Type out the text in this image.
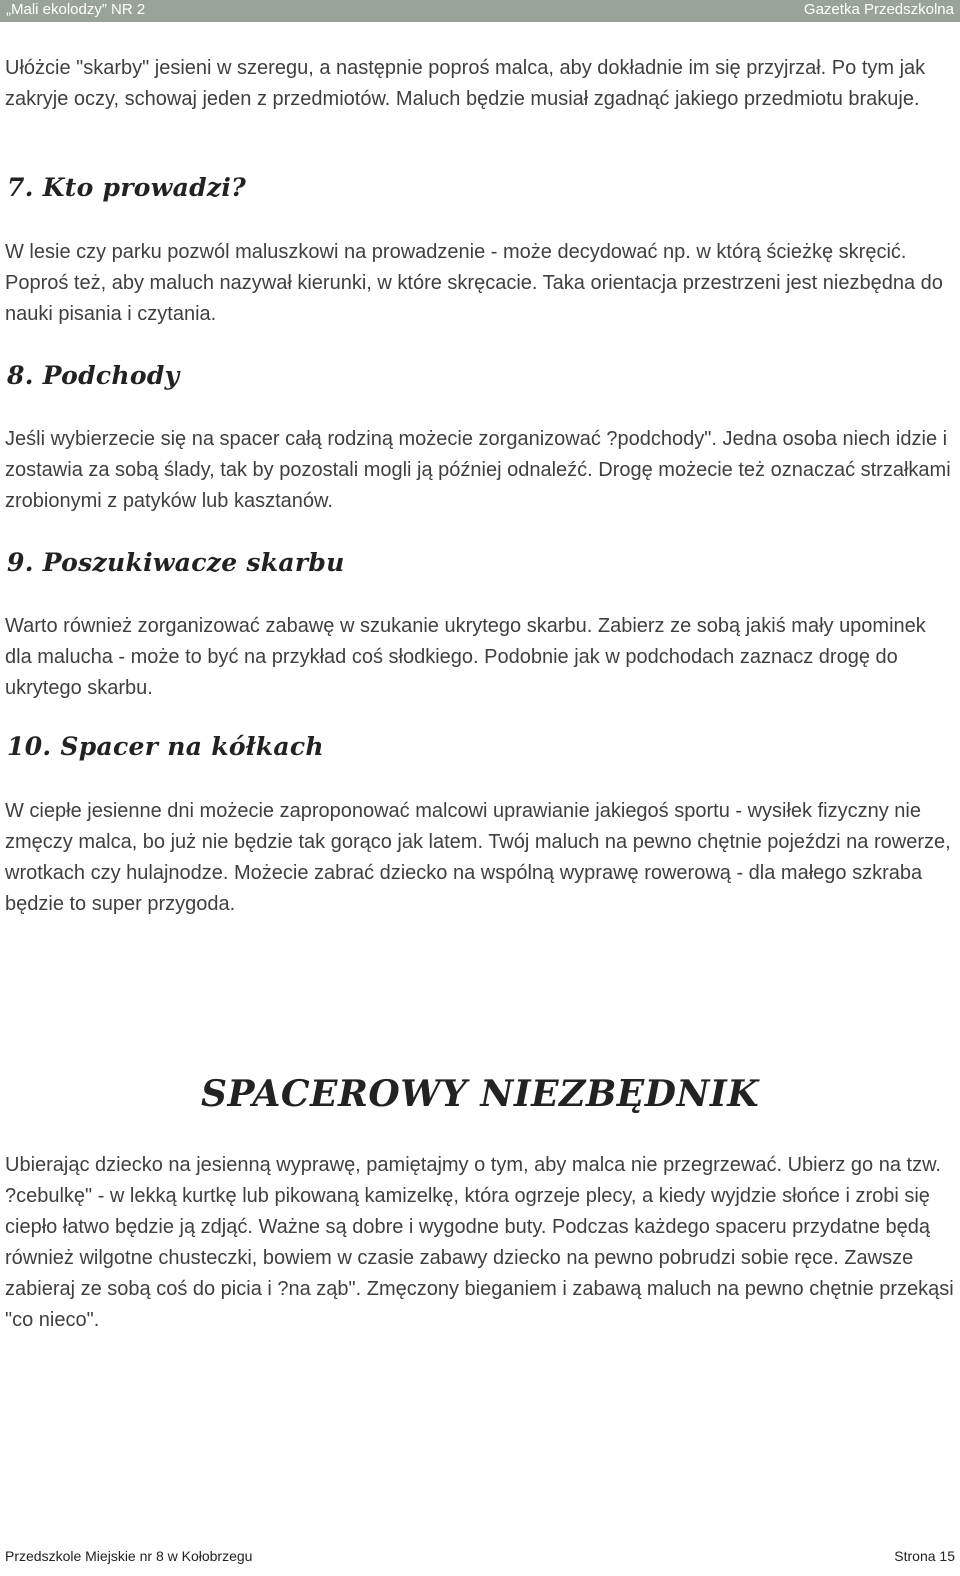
„Mali ekolodzy” NR 2	Gazetka Przedszkolna

Ułóżcie "skarby" jesieni w szeregu, a następnie poproś malca, aby dokładnie im się przyjrzał. Po tym jak zakryje oczy, schowaj jeden z przedmiotów. Maluch będzie musiał zgadnąć jakiego przedmiotu brakuje.

7. Kto prowadzi?

W lesie czy parku pozwól maluszkowi na prowadzenie - może decydować np. w którą ścieżkę skręcić. Poproś też, aby maluch nazywał kierunki, w które skręcacie. Taka orientacja przestrzeni jest niezbędna do nauki pisania i czytania.

8. Podchody

Jeśli wybierzecie się na spacer całą rodziną możecie zorganizować ?podchody". Jedna osoba niech idzie i zostawia za sobą ślady, tak by pozostali mogli ją później odnaleźć. Drogę możecie też oznaczać strzałkami zrobionymi z patyków lub kasztanów.

9. Poszukiwacze skarbu

Warto również zorganizować zabawę w szukanie ukrytego skarbu. Zabierz ze sobą jakiś mały upominek dla malucha - może to być na przykład coś słodkiego. Podobnie jak w podchodach zaznacz drogę do ukrytego skarbu.

10. Spacer na kółkach

W ciepłe jesienne dni możecie zaproponować malcowi uprawianie jakiegoś sportu - wysiłek fizyczny nie zmęczy malca, bo już nie będzie tak gorąco jak latem. Twój maluch na pewno chętnie pojeździ na rowerze, wrotkach czy hulajnodze. Możecie zabrać dziecko na wspólną wyprawę rowerową - dla małego szkraba będzie to super przygoda.

SPACEROWY NIEZBĘDNIK

Ubierając dziecko na jesienną wyprawę, pamiętajmy o tym, aby malca nie przegrzewać. Ubierz go na tzw. ?cebulkę" - w lekką kurtkę lub pikowaną kamizelkę, która ogrzeje plecy, a kiedy wyjdzie słońce i zrobi się ciepło łatwo będzie ją zdjąć. Ważne są dobre i wygodne buty. Podczas każdego spaceru przydatne będą również wilgotne chusteczki, bowiem w czasie zabawy dziecko na pewno pobrudzi sobie ręce. Zawsze zabieraj ze sobą coś do picia i ?na ząb". Zmęczony bieganiem i zabawą maluch na pewno chętnie przekąsi "co nieco".

Przedszkole Miejskie nr 8 w Kołobrzegu	Strona 15
